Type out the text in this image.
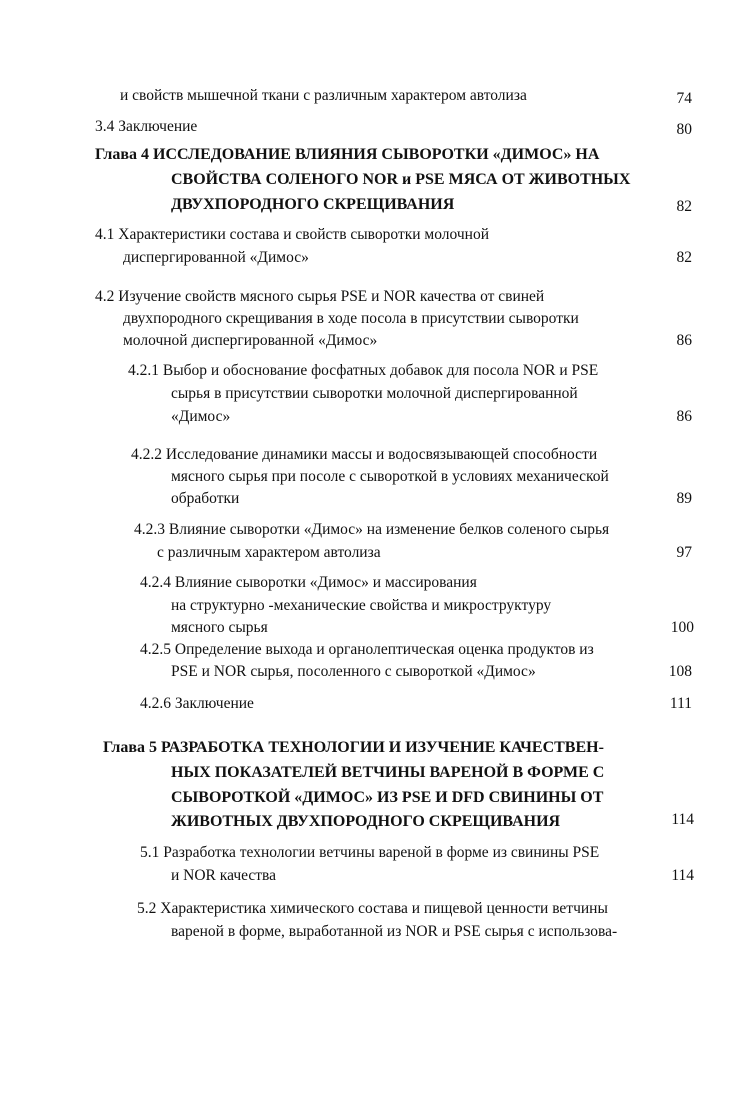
и свойств мышечной ткани с различным характером автолиза	74
3.4 Заключение	80
Глава 4 ИССЛЕДОВАНИЕ ВЛИЯНИЯ СЫВОРОТКИ «ДИМОС» НА
СВОЙСТВА СОЛЕНОГО NOR и PSE МЯСА ОТ ЖИВОТНЫХ
ДВУХПОРОДНОГО СКРЕЩИВАНИЯ	82
4.1 Характеристики состава и свойств сыворотки молочной
диспергированной «Димос»	82
4.2 Изучение свойств мясного сырья PSE и NOR качества от свиней
двухпородного скрещивания в ходе посола в присутствии сыворотки
молочной диспергированной «Димос»	86
4.2.1 Выбор и обоснование фосфатных добавок для посола NOR и PSE
сырья в присутствии сыворотки молочной диспергированной
«Димос»	86
4.2.2 Исследование динамики массы и водосвязывающей способности
мясного сырья при посоле с сывороткой в условиях механической
обработки	89
4.2.3 Влияние сыворотки «Димос» на изменение белков соленого сырья
с различным характером автолиза	97
4.2.4 Влияние сыворотки «Димос» и массирования
на структурно -механические свойства и микроструктуру
мясного сырья	100
4.2.5 Определение выхода и органолептическая оценка продуктов из
PSE и NOR сырья, посоленного с сывороткой «Димос»	108
4.2.6 Заключение	111
Глава 5 РАЗРАБОТКА ТЕХНОЛОГИИ И ИЗУЧЕНИЕ КАЧЕСТВЕН-
НЫХ ПОКАЗАТЕЛЕЙ ВЕТЧИНЫ ВАРЕНОЙ В ФОРМЕ С
СЫВОРОТКОЙ «ДИМОС» ИЗ PSE И DFD СВИНИНЫ ОТ
ЖИВОТНЫХ ДВУХПОРОДНОГО СКРЕЩИВАНИЯ	114
5.1 Разработка технологии ветчины вареной в форме из свинины PSE
и NOR качества	114
5.2 Характеристика химического состава и пищевой ценности ветчины
вареной в форме, выработанной из NOR и PSE сырья с использова-
